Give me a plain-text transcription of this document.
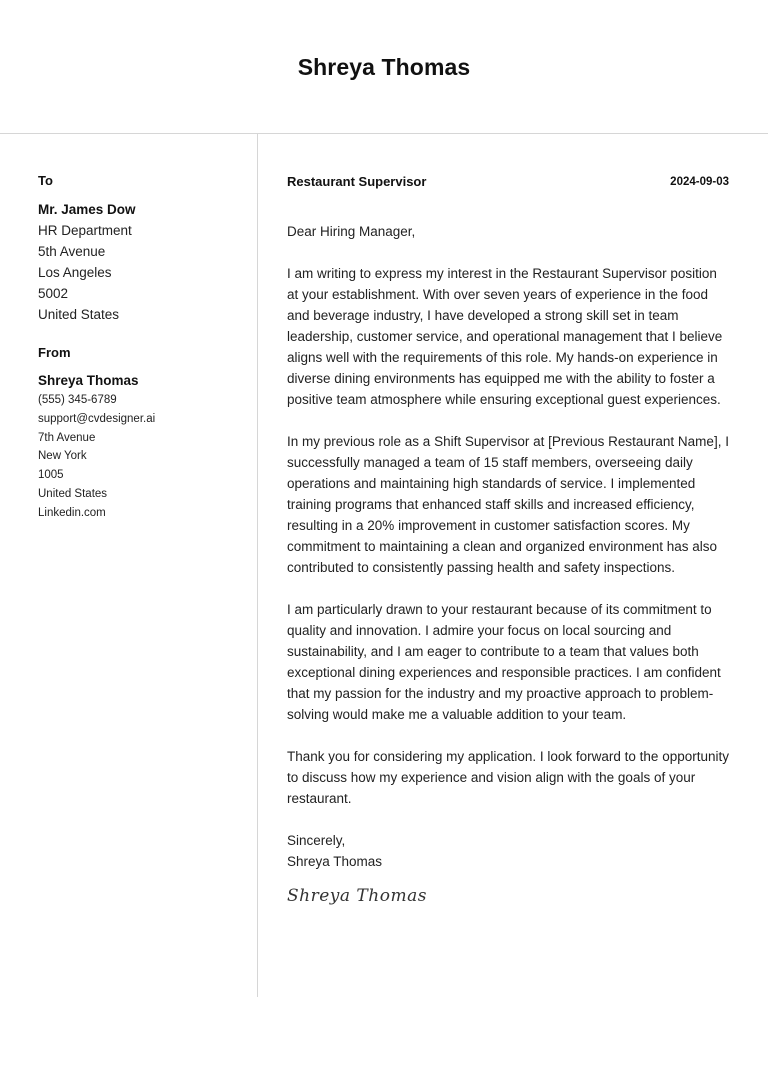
Shreya Thomas
To
Mr. James Dow
HR Department
5th Avenue
Los Angeles
5002
United States
From
Shreya Thomas
(555) 345-6789
support@cvdesigner.ai
7th Avenue
New York
1005
United States
Linkedin.com
Restaurant Supervisor	2024-09-03
Dear Hiring Manager,
I am writing to express my interest in the Restaurant Supervisor position at your establishment. With over seven years of experience in the food and beverage industry, I have developed a strong skill set in team leadership, customer service, and operational management that I believe aligns well with the requirements of this role. My hands-on experience in diverse dining environments has equipped me with the ability to foster a positive team atmosphere while ensuring exceptional guest experiences.
In my previous role as a Shift Supervisor at [Previous Restaurant Name], I successfully managed a team of 15 staff members, overseeing daily operations and maintaining high standards of service. I implemented training programs that enhanced staff skills and increased efficiency, resulting in a 20% improvement in customer satisfaction scores. My commitment to maintaining a clean and organized environment has also contributed to consistently passing health and safety inspections.
I am particularly drawn to your restaurant because of its commitment to quality and innovation. I admire your focus on local sourcing and sustainability, and I am eager to contribute to a team that values both exceptional dining experiences and responsible practices. I am confident that my passion for the industry and my proactive approach to problem-solving would make me a valuable addition to your team.
Thank you for considering my application. I look forward to the opportunity to discuss how my experience and vision align with the goals of your restaurant.
Sincerely,
Shreya Thomas
Shreya Thomas
